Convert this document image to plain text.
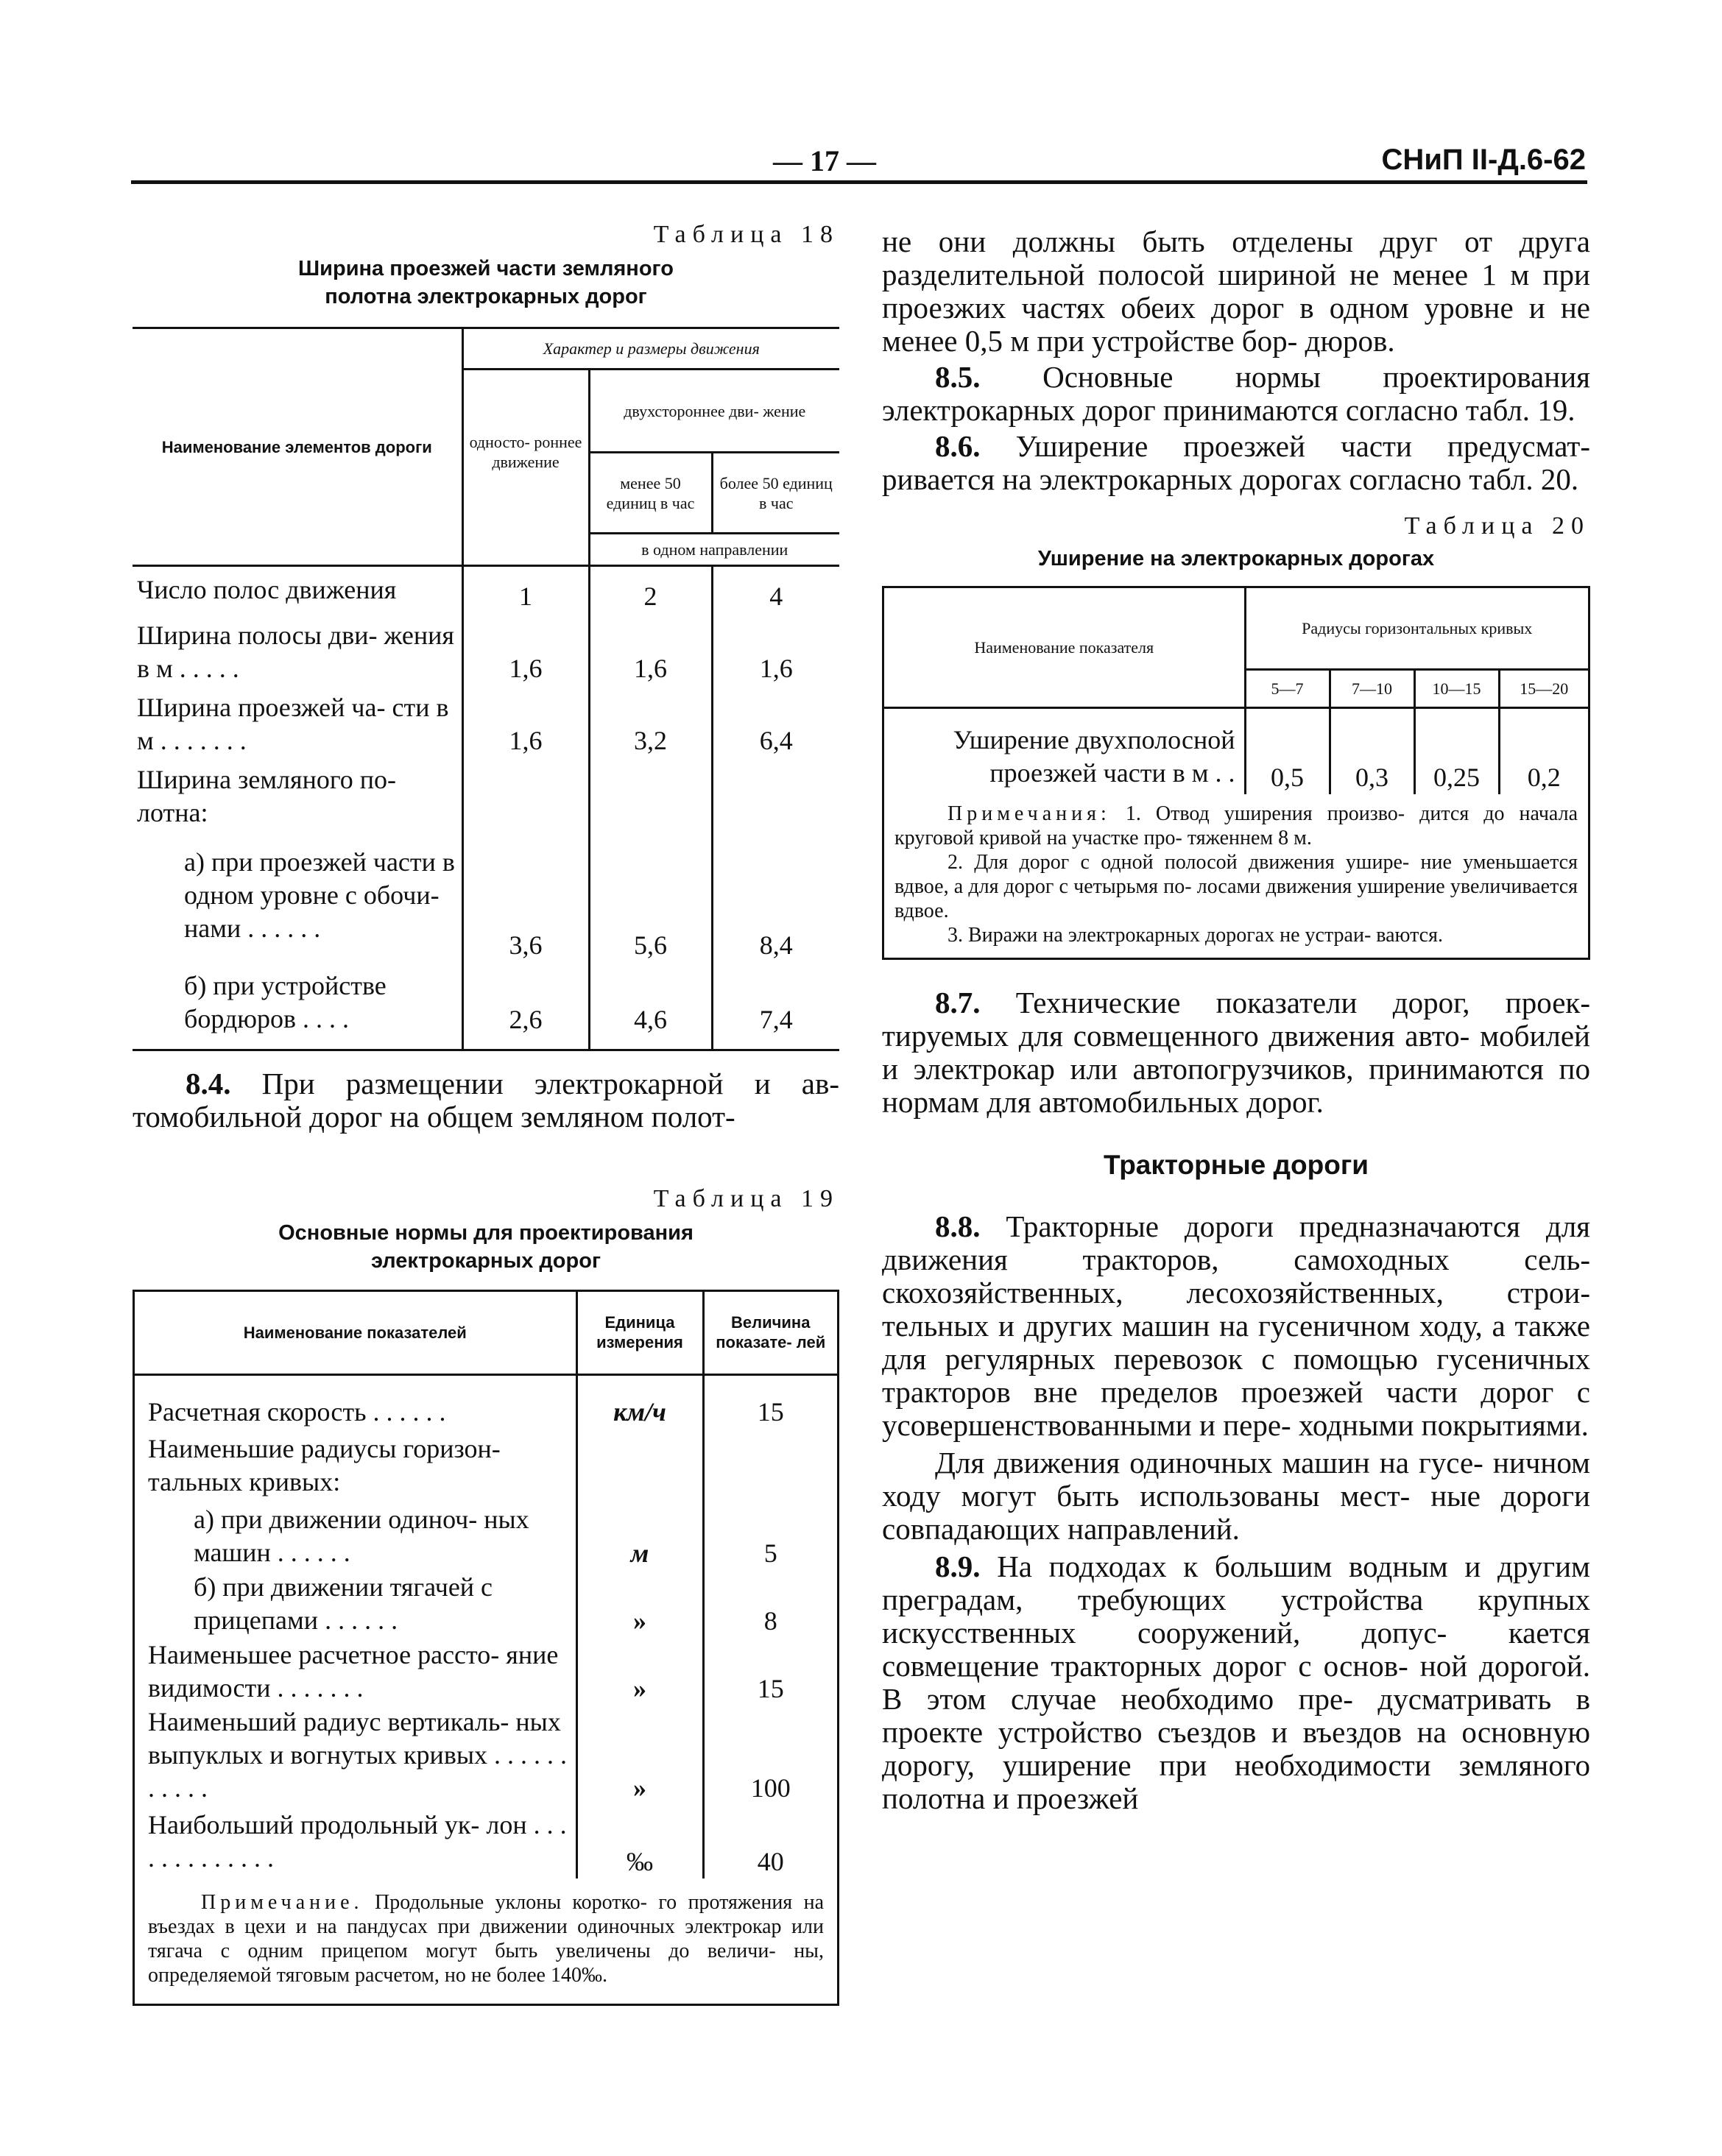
— 17 —	СНиП II-Д.6-62
Таблица 18
Ширина проезжей части земляного
полотна электрокарных дорог
Наименование элементов дороги	Характер и размеры движения		
	односто- роннее движение	двухстороннее дви- жение	
		менее 50 единиц в час	более 50 единиц в час
		в одном направлении	
Число полос движения	1	2	4
Ширина полосы дви- жения в м . . . . .	1,6	1,6	1,6
Ширина проезжей ча- сти в м . . . . . . .	1,6	3,2	6,4
Ширина земляного по- лотна:			
а) при проезжей части в одном уровне с обочи- нами . . . . . .	3,6	5,6	8,4
б) при устройстве бордюров . . . .	2,6	4,6	7,4
8.4. При размещении электрокарной и ав- томобильной дорог на общем земляном полот-
Таблица 19
Основные нормы для проектирования
электрокарных дорог
Наименование показателей	Единица измерения	Величина показате- лей
Расчетная скорость . . . . . .	км/ч	15
Наименьшие радиусы горизон- тальных кривых:		
а) при движении одиноч- ных машин . . . . . .	м	5
б) при движении тягачей с прицепами . . . . . .	»	8
Наименьшее расчетное рассто- яние видимости . . . . . . .	»	15
Наименьший радиус вертикаль- ных выпуклых и вогнутых кривых . . . . . . . . . . .	»	100
Наибольший продольный ук- лон . . . . . . . . . . . . .	‰	40
Примечание. Продольные уклоны коротко- го протяжения на въездах в цехи и на пандусах при движении одиночных электрокар или тягача с одним прицепом могут быть увеличены до величи- ны, определяемой тяговым расчетом, но не более 140‰.
не они должны быть отделены друг от друга разделительной полосой шириной не менее 1 м при проезжих частях обеих дорог в одном уровне и не менее 0,5 м при устройстве бор- дюров.
8.5. Основные нормы проектирования электрокарных дорог принимаются согласно табл. 19.
8.6. Уширение проезжей части предусмат- ривается на электрокарных дорогах согласно табл. 20.
Таблица 20
Уширение на электрокарных дорогах
Наименование показателя	Радиусы горизонтальных кривых			
	5—7	7—10	10—15	15—20
Уширение двухполосной проезжей части в м . .	0,5	0,3	0,25	0,2
Примечания: 1. Отвод уширения произво- дится до начала круговой кривой на участке про- тяженнем 8 м.
2. Для дорог с одной полосой движения ушире- ние уменьшается вдвое, а для дорог с четырьмя по- лосами движения уширение увеличивается вдвое.
3. Виражи на электрокарных дорогах не устраи- ваются.
8.7. Технические показатели дорог, проек- тируемых для совмещенного движения авто- мобилей и электрокар или автопогрузчиков, принимаются по нормам для автомобильных дорог.
Тракторные дороги
8.8. Тракторные дороги предназначаются для движения тракторов, самоходных сель- скохозяйственных, лесохозяйственных, строи- тельных и других машин на гусеничном ходу, а также для регулярных перевозок с помощью гусеничных тракторов вне пределов проезжей части дорог с усовершенствованными и пере- ходными покрытиями.
Для движения одиночных машин на гусе- ничном ходу могут быть использованы мест- ные дороги совпадающих направлений.
8.9. На подходах к большим водным и другим преградам, требующих устройства крупных искусственных сооружений, допус- кается совмещение тракторных дорог с основ- ной дорогой. В этом случае необходимо пре- дусматривать в проекте устройство съездов и въездов на основную дорогу, уширение при необходимости земляного полотна и проезжей
